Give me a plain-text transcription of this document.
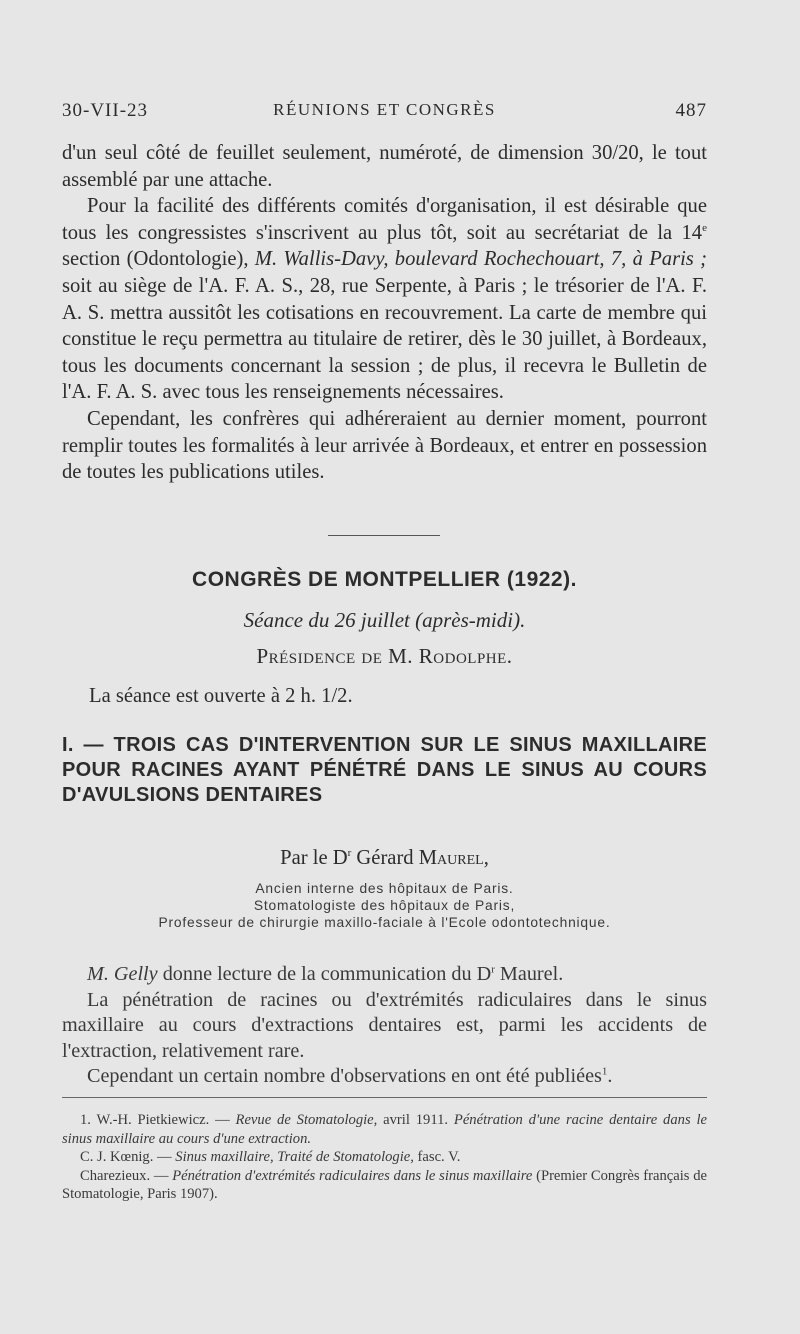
30-VII-23	RÉUNIONS ET CONGRÈS	487

d'un seul côté de feuillet seulement, numéroté, de dimension 30/20, le tout assemblé par une attache.

Pour la facilité des différents comités d'organisation, il est désirable que tous les congressistes s'inscrivent au plus tôt, soit au secrétariat de la 14e section (Odontologie), M. Wallis-Davy, boulevard Rochechouart, 7, à Paris ; soit au siège de l'A. F. A. S., 28, rue Serpente, à Paris ; le trésorier de l'A. F. A. S. mettra aussitôt les cotisations en recouvrement. La carte de membre qui constitue le reçu permettra au titulaire de retirer, dès le 30 juillet, à Bordeaux, tous les documents concernant la session ; de plus, il recevra le Bulletin de l'A. F. A. S. avec tous les renseignements nécessaires.

Cependant, les confrères qui adhéreraient au dernier moment, pourront remplir toutes les formalités à leur arrivée à Bordeaux, et entrer en possession de toutes les publications utiles.

CONGRÈS DE MONTPELLIER (1922).
Séance du 26 juillet (après-midi).
Présidence de M. Rodolphe.
La séance est ouverte à 2 h. 1/2.
I. — TROIS CAS D'INTERVENTION SUR LE SINUS MAXILLAIRE POUR RACINES AYANT PÉNÉTRÉ DANS LE SINUS AU COURS D'AVULSIONS DENTAIRES
Par le $D^r$ Gérard Maurel,
Ancien interne des hôpitaux de Paris.
Stomatologiste des hôpitaux de Paris,
Professeur de chirurgie maxillo-faciale à l'Ecole odontotechnique.

M. Gelly donne lecture de la communication du $D^r$ Maurel.

La pénétration de racines ou d'extrémités radiculaires dans le sinus maxillaire au cours d'extractions dentaires est, parmi les accidents de l'extraction, relativement rare.

Cependant un certain nombre d'observations en ont été publiées$^1$.

1. W.-H. Pietkiewicz. — Revue de Stomatologie, avril 1911. Pénétration d'une racine dentaire dans le sinus maxillaire au cours d'une extraction.

C. J. Kœnig. — Sinus maxillaire, Traité de Stomatologie, fasc. V.

Charezieux. — Pénétration d'extrémités radiculaires dans le sinus maxillaire (Premier Congrès français de Stomatologie, Paris 1907).
